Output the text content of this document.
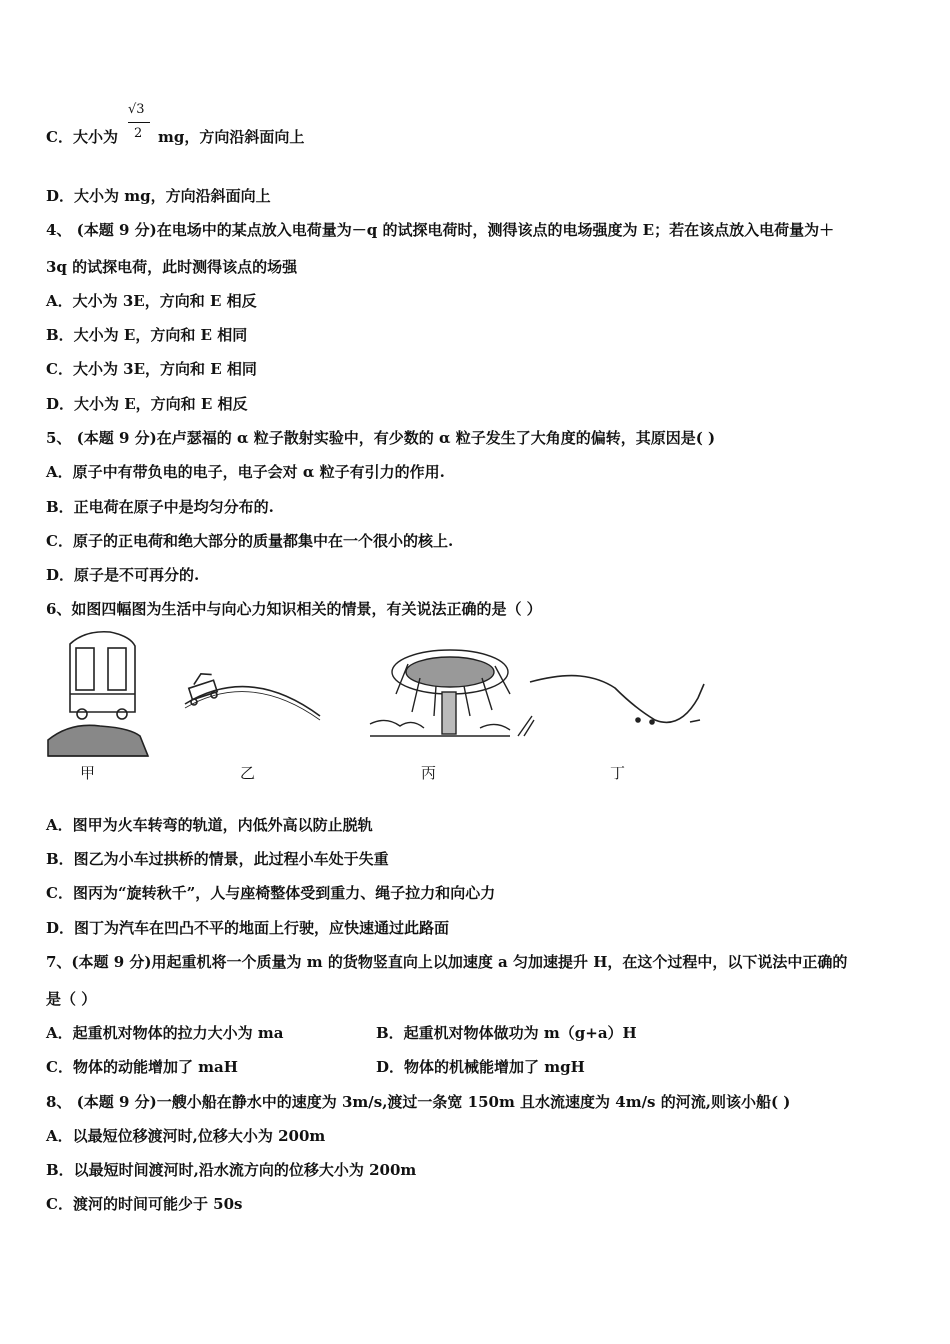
C．大小为
√3
2 mg，方向沿斜面向上
D．大小为 mg，方向沿斜面向上
4、 (本题 9 分)在电场中的某点放入电荷量为－q 的试探电荷时，测得该点的电场强度为 E；若在该点放入电荷量为＋
3q 的试探电荷，此时测得该点的场强
A．大小为 3E，方向和 E 相反
B．大小为 E，方向和 E 相同
C．大小为 3E，方向和 E 相同
D．大小为 E，方向和 E 相反
5、 (本题 9 分)在卢瑟福的 α 粒子散射实验中，有少数的 α 粒子发生了大角度的偏转，其原因是( )
A．原子中有带负电的电子，电子会对 α 粒子有引力的作用.
B．正电荷在原子中是均匀分布的.
C．原子的正电荷和绝大部分的质量都集中在一个很小的核上.
D．原子是不可再分的.
6、如图四幅图为生活中与向心力知识相关的情景，有关说法正确的是（ ）
甲	乙	丙	丁
A．图甲为火车转弯的轨道，内低外高以防止脱轨
B．图乙为小车过拱桥的情景，此过程小车处于失重
C．图丙为“旋转秋千”，人与座椅整体受到重力、绳子拉力和向心力
D．图丁为汽车在凹凸不平的地面上行驶，应快速通过此路面
7、(本题 9 分)用起重机将一个质量为 m 的货物竖直向上以加速度 a 匀加速提升 H，在这个过程中，以下说法中正确的
是（ ）
A．起重机对物体的拉力大小为 ma	B．起重机对物体做功为 m（g+a）H
C．物体的动能增加了 maH	D．物体的机械能增加了 mgH
8、 (本题 9 分)一艘小船在静水中的速度为 3m/s,渡过一条宽 150m 且水流速度为 4m/s 的河流,则该小船( )
A．以最短位移渡河时,位移大小为 200m
B．以最短时间渡河时,沿水流方向的位移大小为 200m
C．渡河的时间可能少于 50s
